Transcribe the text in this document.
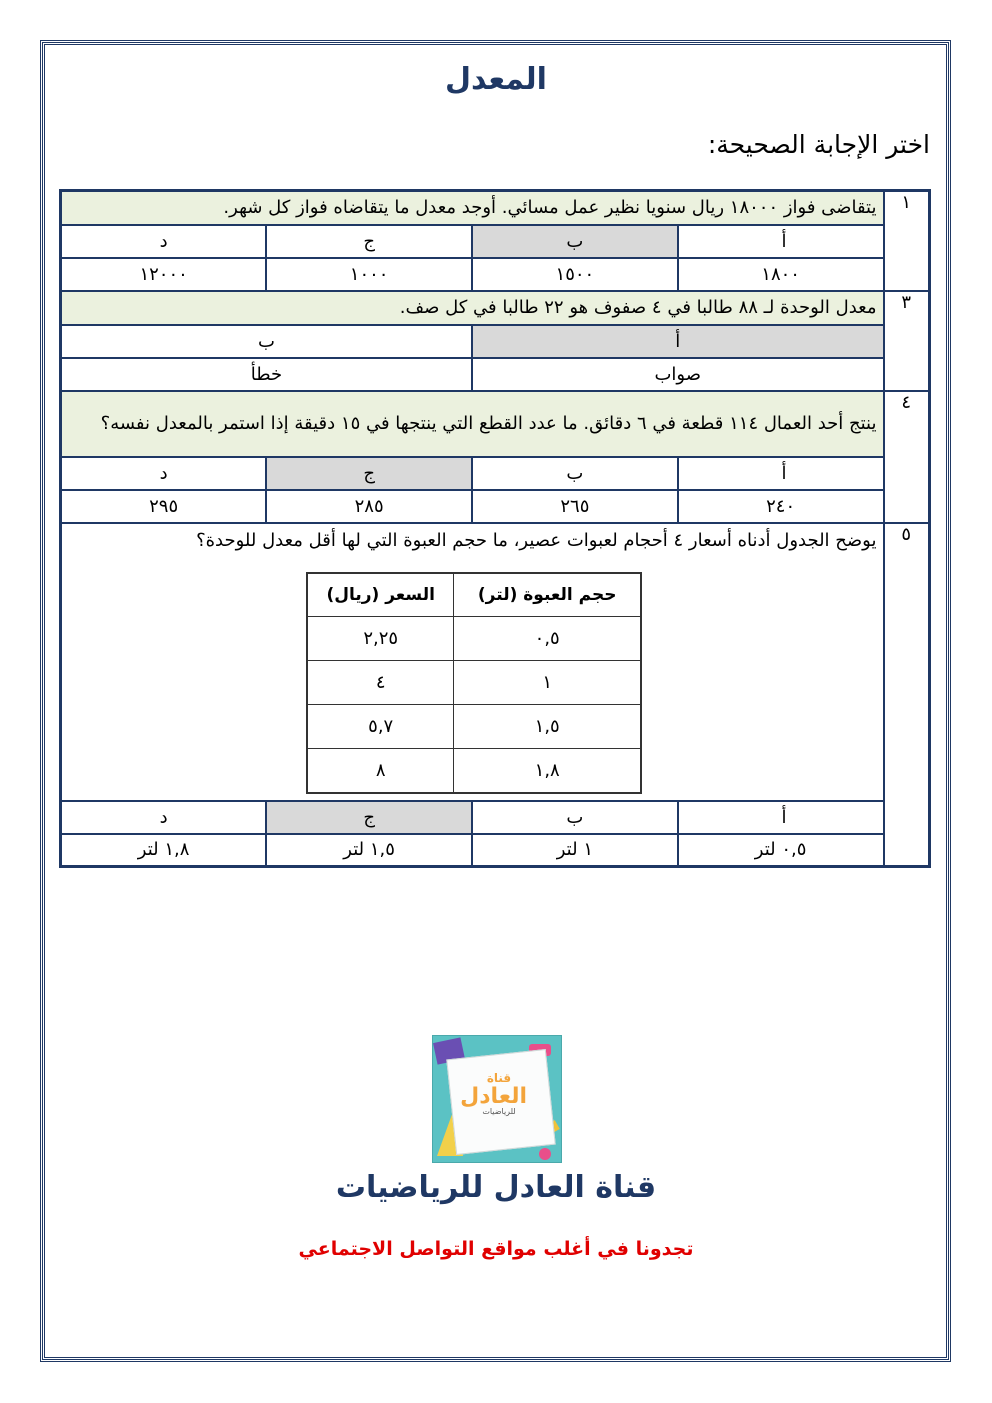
المعدل
اختر الإجابة الصحيحة:
١	يتقاضى فواز ١٨٠٠٠ ريال سنويا نظير عمل مسائي. أوجد معدل ما يتقاضاه فواز كل شهر.
أ	ب	ج	د
١٨٠٠	١٥٠٠	١٠٠٠	١٢٠٠٠
٣	معدل الوحدة لـ ٨٨ طالبا في ٤ صفوف هو ٢٢ طالبا في كل صف.
أ	ب
صواب	خطأ
٤	ينتج أحد العمال ١١٤ قطعة في ٦ دقائق. ما عدد القطع التي ينتجها في ١٥ دقيقة إذا استمر بالمعدل نفسه؟
أ	ب	ج	د
٢٤٠	٢٦٥	٢٨٥	٢٩٥
٥	
يوضح الجدول أدناه أسعار ٤ أحجام لعبوات عصير، ما حجم العبوة التي لها أقل معدل للوحدة؟
حجم العبوة (لتر)	السعر (ريال)
٠,٥	٢,٢٥
١	٤
١,٥	٥,٧
١,٨	٨

أ	ب	ج	د
٠,٥ لتر	١ لتر	١,٥ لتر	١,٨ لتر
قناة
العادل
للرياضيات
قناة العادل للرياضيات
تجدونا في أغلب مواقع التواصل الاجتماعي
